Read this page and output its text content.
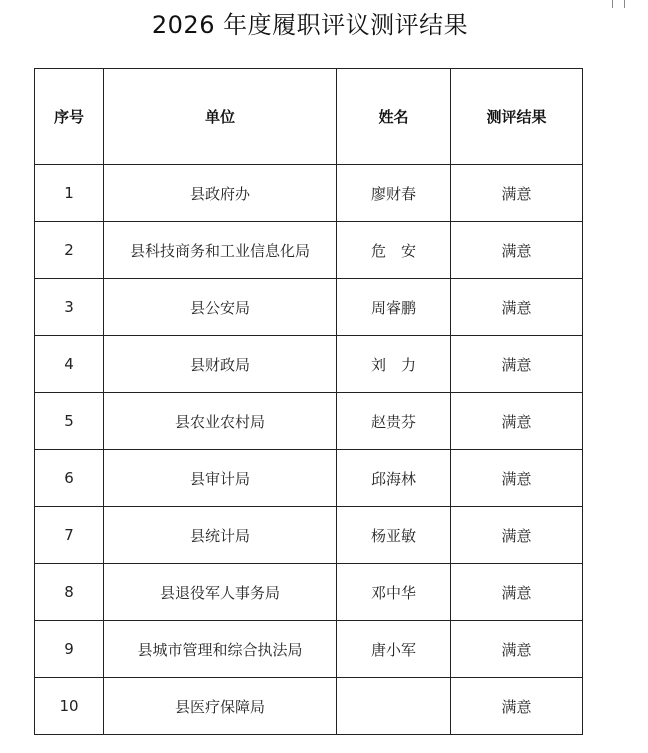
2026 年度履职评议测评结果
序号	单位	姓名	测评结果
1	县政府办	廖财春	满意
2	县科技商务和工业信息化局	危　安	满意
3	县公安局	周睿鹏	满意
4	县财政局	刘　力	满意
5	县农业农村局	赵贵芬	满意
6	县审计局	邱海林	满意
7	县统计局	杨亚敏	满意
8	县退役军人事务局	邓中华	满意
9	县城市管理和综合执法局	唐小军	满意
10	县医疗保障局		满意
